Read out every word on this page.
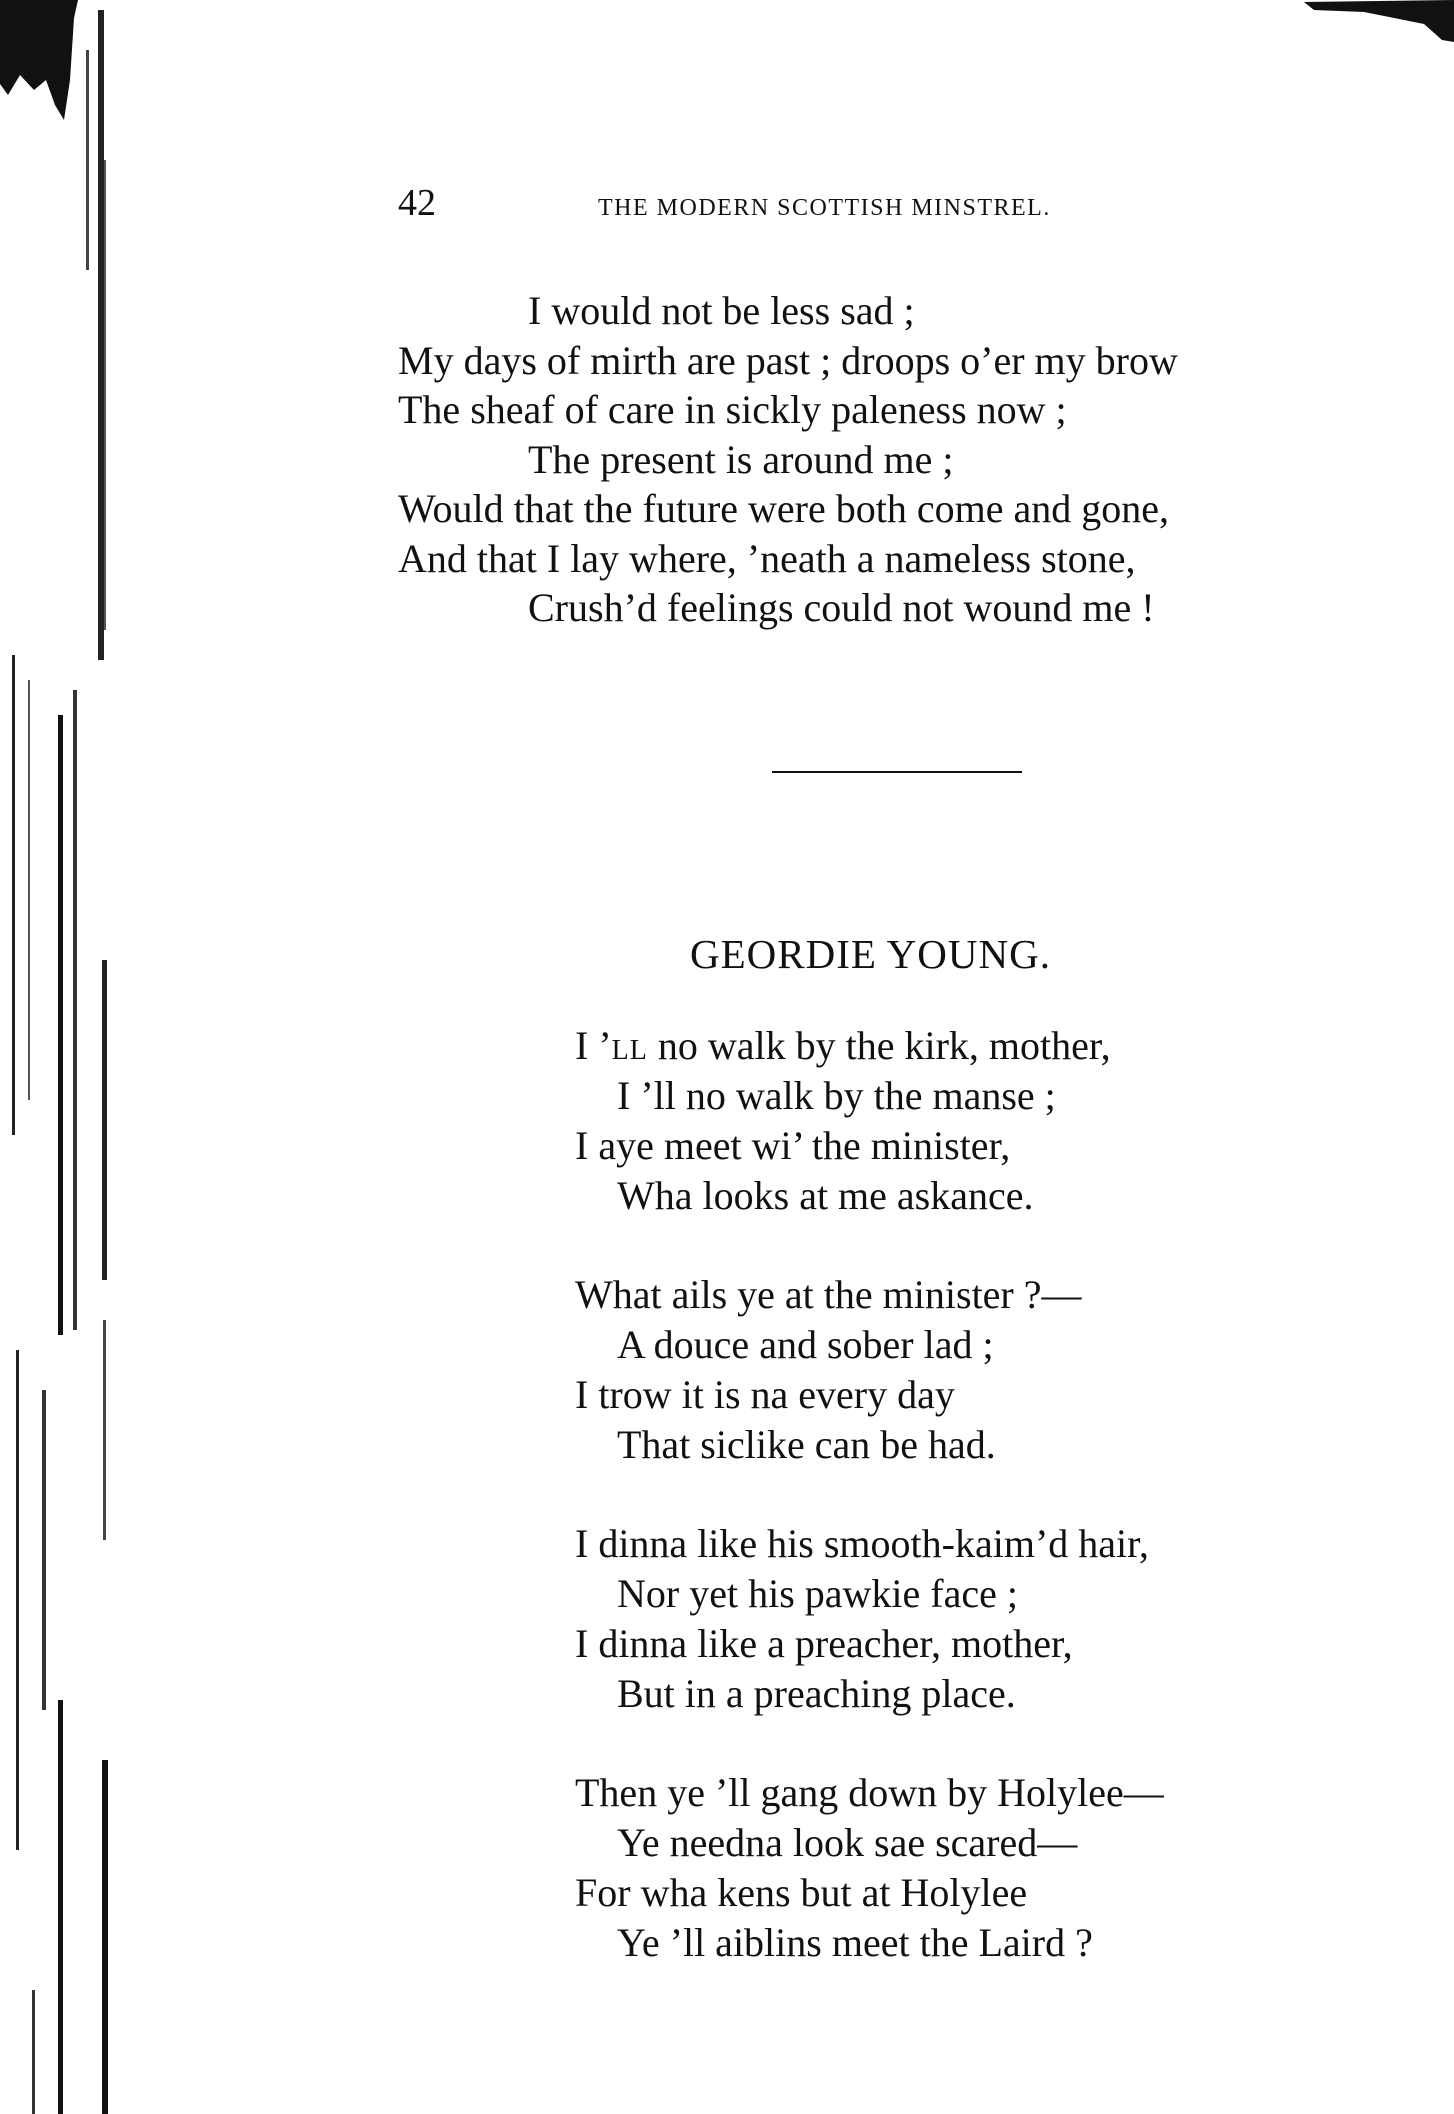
42	THE MODERN SCOTTISH MINSTREL.
I would not be less sad ;
My days of mirth are past ; droops o’er my brow
The sheaf of care in sickly paleness now ;
The present is around me ;
Would that the future were both come and gone,
And that I lay where, ’neath a nameless stone,
Crush’d feelings could not wound me !
GEORDIE YOUNG.
I ’ll no walk by the kirk, mother,
I ’ll no walk by the manse ;
I aye meet wi’ the minister,
Wha looks at me askance.
What ails ye at the minister ?—
A douce and sober lad ;
I trow it is na every day
That siclike can be had.
I dinna like his smooth-kaim’d hair,
Nor yet his pawkie face ;
I dinna like a preacher, mother,
But in a preaching place.
Then ye ’ll gang down by Holylee—
Ye needna look sae scared—
For wha kens but at Holylee
Ye ’ll aiblins meet the Laird ?
